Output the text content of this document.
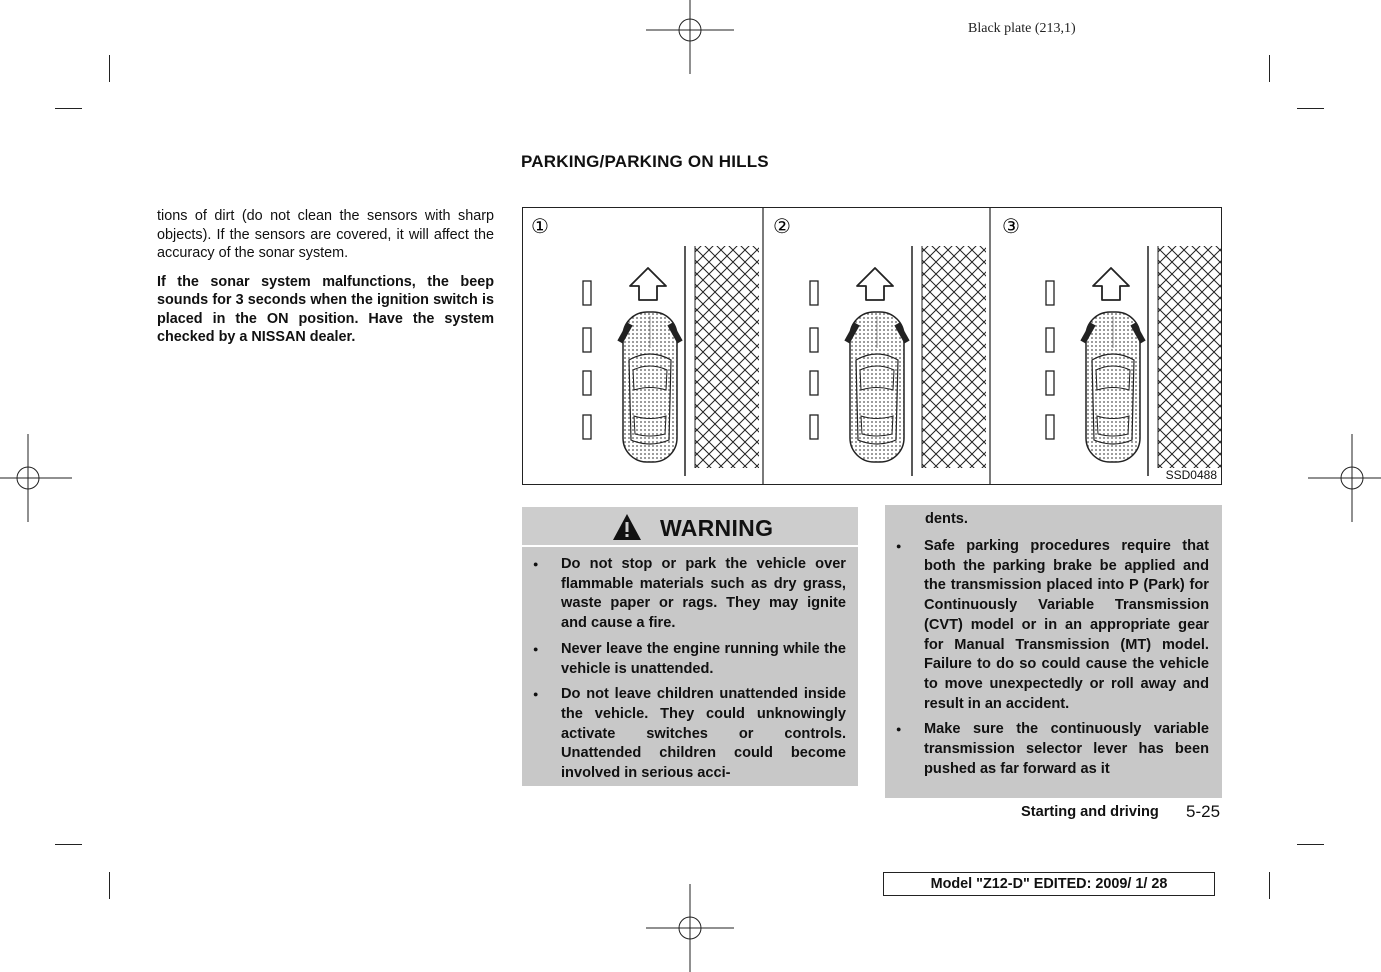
Black plate (213,1)
PARKING/PARKING ON HILLS

tions of dirt (do not clean the sensors with sharp objects). If the sensors are covered, it will affect the accuracy of the sonar system.

If the sonar system malfunctions, the beep sounds for 3 seconds when the ignition switch is placed in the ON position. Have the system checked by a NISSAN dealer.

①	②	③
SSD0488
WARNING
● Do not stop or park the vehicle over flammable materials such as dry grass, waste paper or rags. They may ignite and cause a fire.
● Never leave the engine running while the vehicle is unattended.
● Do not leave children unattended inside the vehicle. They could unknowingly activate switches or controls. Unattended children could become involved in serious acci-
dents.
● Safe parking procedures require that both the parking brake be applied and the transmission placed into P (Park) for Continuously Variable Transmission (CVT) model or in an appropriate gear for Manual Transmission (MT) model. Failure to do so could cause the vehicle to move unexpectedly or roll away and result in an accident.
● Make sure the continuously variable transmission selector lever has been pushed as far forward as it
Starting and driving 5-25
Model "Z12-D" EDITED: 2009/ 1/ 28
